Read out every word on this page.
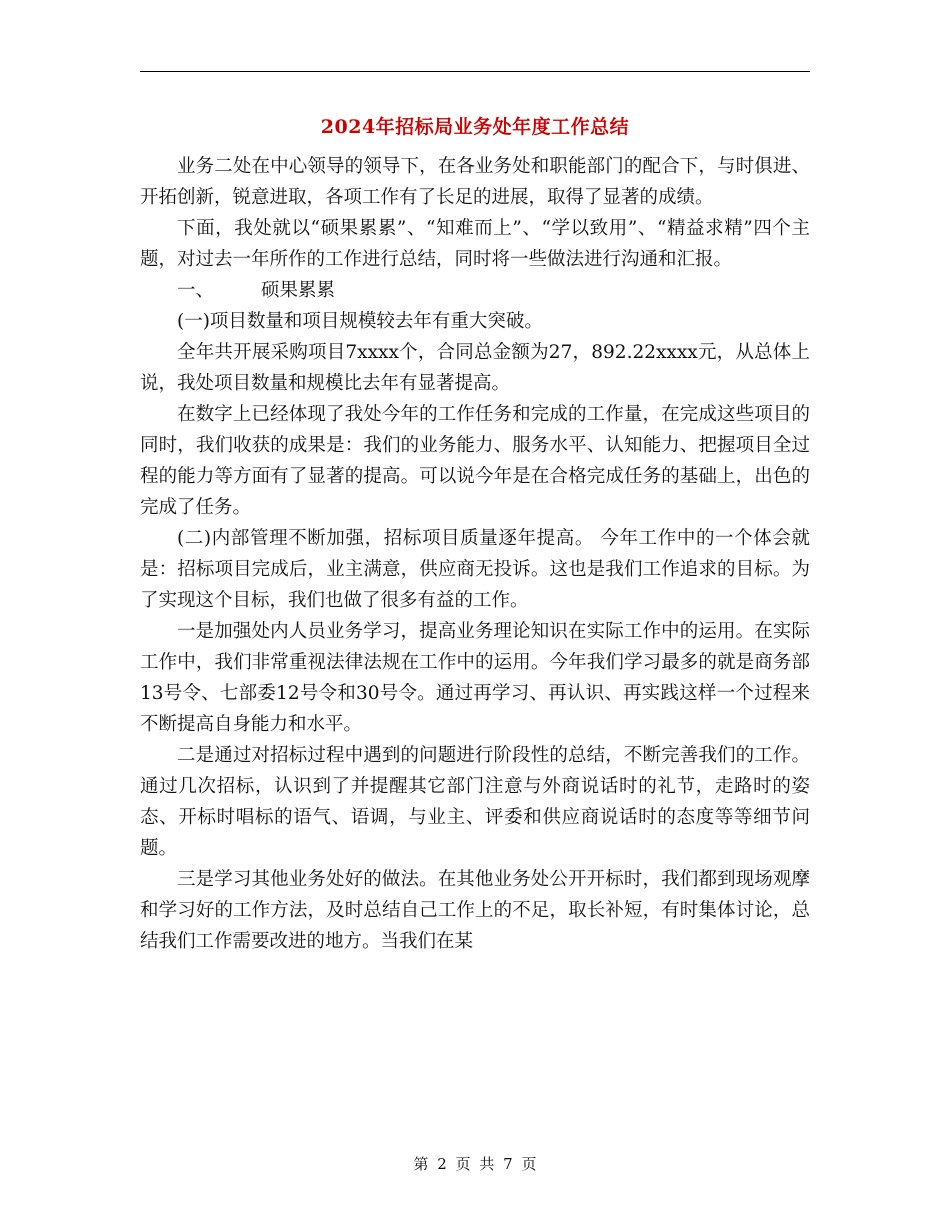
2024年招标局业务处年度工作总结

业务二处在中心领导的领导下，在各业务处和职能部门的配合下，与时俱进、开拓创新，锐意进取，各项工作有了长足的进展，取得了显著的成绩。

下面，我处就以“硕果累累”、“知难而上”、“学以致用”、“精益求精”四个主题，对过去一年所作的工作进行总结，同时将一些做法进行沟通和汇报。

一、        硕果累累

(一)项目数量和项目规模较去年有重大突破。

全年共开展采购项目7xxxx个，合同总金额为27，892.22xxxx元，从总体上说，我处项目数量和规模比去年有显著提高。

在数字上已经体现了我处今年的工作任务和完成的工作量，在完成这些项目的同时，我们收获的成果是：我们的业务能力、服务水平、认知能力、把握项目全过程的能力等方面有了显著的提高。可以说今年是在合格完成任务的基础上，出色的完成了任务。

(二)内部管理不断加强，招标项目质量逐年提高。 今年工作中的一个体会就是：招标项目完成后，业主满意，供应商无投诉。这也是我们工作追求的目标。为了实现这个目标，我们也做了很多有益的工作。

一是加强处内人员业务学习，提高业务理论知识在实际工作中的运用。在实际工作中，我们非常重视法律法规在工作中的运用。今年我们学习最多的就是商务部13号令、七部委12号令和30号令。通过再学习、再认识、再实践这样一个过程来不断提高自身能力和水平。

二是通过对招标过程中遇到的问题进行阶段性的总结，不断完善我们的工作。通过几次招标，认识到了并提醒其它部门注意与外商说话时的礼节，走路时的姿态、开标时唱标的语气、语调，与业主、评委和供应商说话时的态度等等细节问题。

三是学习其他业务处好的做法。在其他业务处公开开标时，我们都到现场观摩和学习好的工作方法，及时总结自己工作上的不足，取长补短，有时集体讨论，总结我们工作需要改进的地方。当我们在某

第 2 页 共 7 页
